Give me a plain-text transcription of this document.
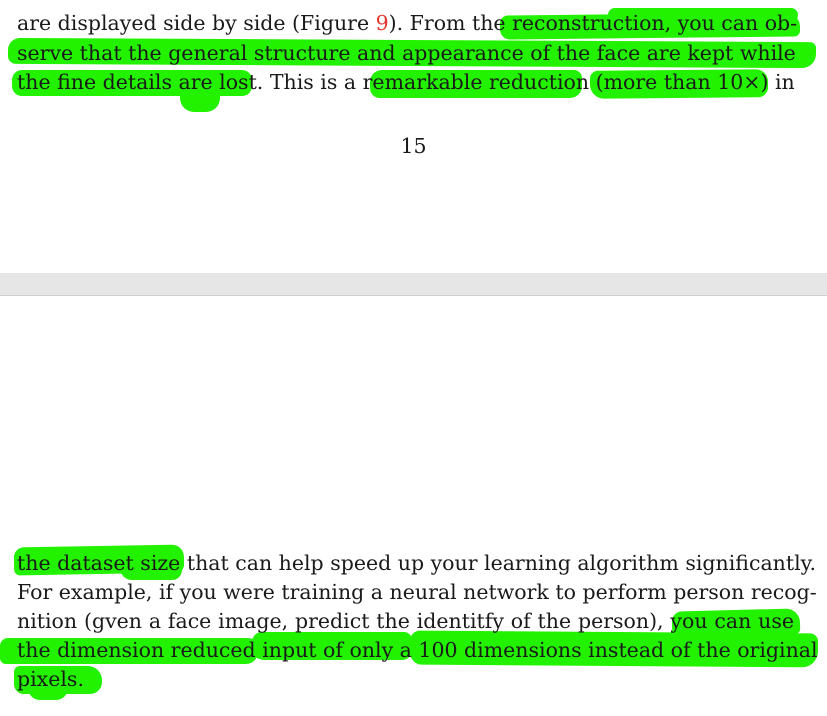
are displayed side by side (Figure 9). From the reconstruction, you can ob-
serve that the general structure and appearance of the face are kept while
the fine details are lost. This is a remarkable reduction (more than 10×) in
15
the dataset size that can help speed up your learning algorithm significantly.
For example, if you were training a neural network to perform person recog-
nition (gven a face image, predict the identitfy of the person), you can use
the dimension reduced input of only a 100 dimensions instead of the original
pixels.
